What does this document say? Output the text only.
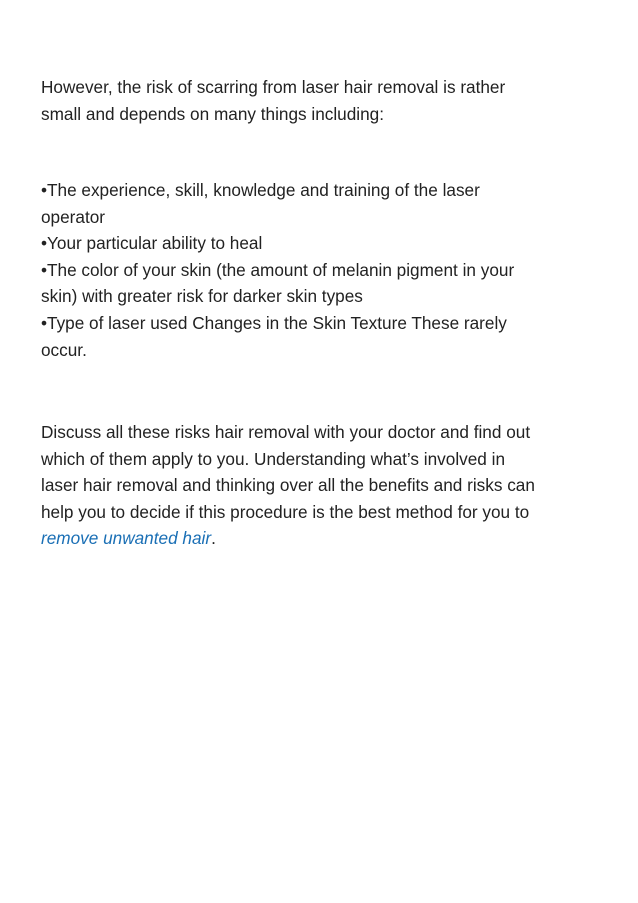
However, the risk of scarring from laser hair removal is rather
small and depends on many things including:
•The experience, skill, knowledge and training of the laser
operator
•Your particular ability to heal
•The color of your skin (the amount of melanin pigment in your
skin) with greater risk for darker skin types
•Type of laser used Changes in the Skin Texture These rarely
occur.
Discuss all these risks hair removal with your doctor and find out
which of them apply to you. Understanding what’s involved in
laser hair removal and thinking over all the benefits and risks can
help you to decide if this procedure is the best method for you to
remove unwanted hair.
